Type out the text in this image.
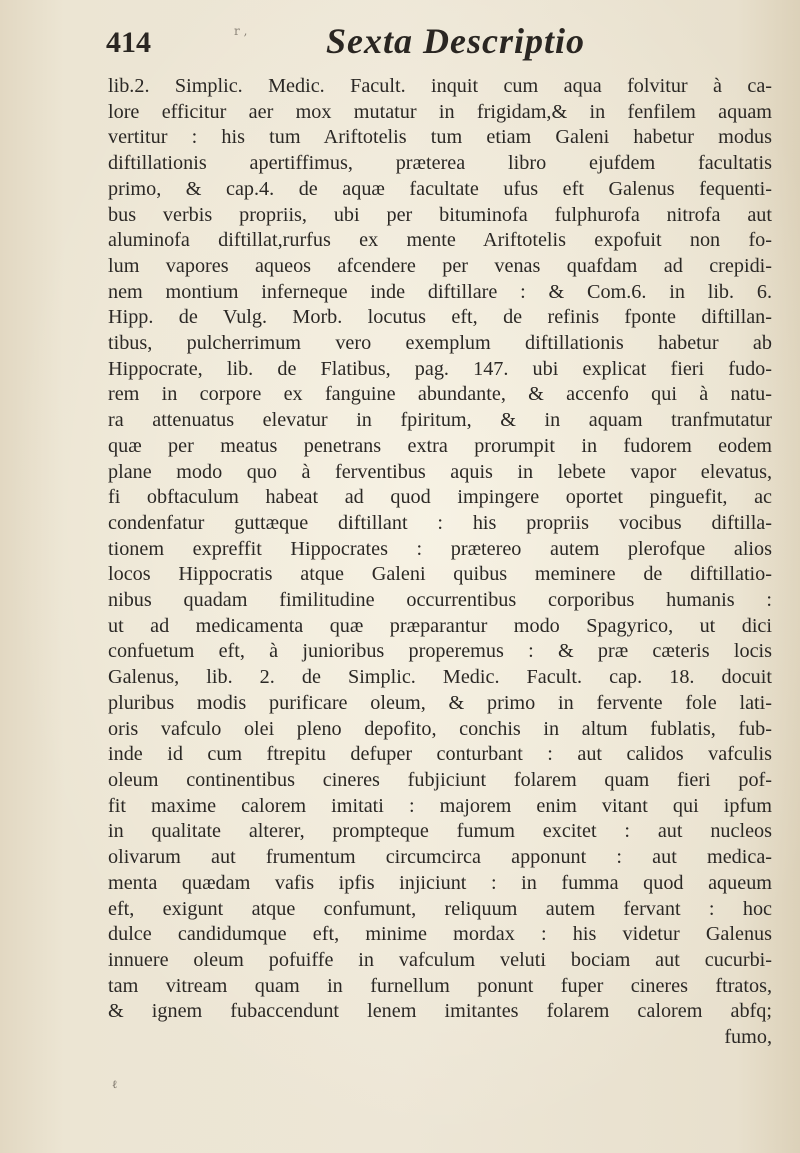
414	r ‚ Sexta Descriptio
lib.2. Simplic. Medic. Facult. inquit cum aqua folvitur à ca-
lore efficitur aer mox mutatur in frigidam,& in fenfilem aquam
vertitur : his tum Ariftotelis tum etiam Galeni habetur modus
diftillationis apertiffimus, præterea libro ejufdem facultatis
primo, & cap.4. de aquæ facultate ufus eft Galenus fequenti-
bus verbis propriis, ubi per bituminofa fulphurofa nitrofa aut
aluminofa diftillat,rurfus ex mente Ariftotelis expofuit non fo-
lum vapores aqueos afcendere per venas quafdam ad crepidi-
nem montium inferneque inde diftillare : & Com.6. in lib. 6.
Hipp. de Vulg. Morb. locutus eft, de refinis fponte diftillan-
tibus, pulcherrimum vero exemplum diftillationis habetur ab
Hippocrate, lib. de Flatibus, pag. 147. ubi explicat fieri fudo-
rem in corpore ex fanguine abundante, & accenfo qui à natu-
ra attenuatus elevatur in fpiritum, & in aquam tranfmutatur
quæ per meatus penetrans extra prorumpit in fudorem eodem
plane modo quo à ferventibus aquis in lebete vapor elevatus,
fi obftaculum habeat ad quod impingere oportet pinguefit, ac
condenfatur guttæque diftillant : his propriis vocibus diftilla-
tionem expreffit Hippocrates : prætereo autem plerofque alios
locos Hippocratis atque Galeni quibus meminere de diftillatio-
nibus quadam fimilitudine occurrentibus corporibus humanis :
ut ad medicamenta quæ præparantur modo Spagyrico, ut dici
confuetum eft, à junioribus properemus : & præ cæteris locis
Galenus, lib. 2. de Simplic. Medic. Facult. cap. 18. docuit
pluribus modis purificare oleum, & primo in fervente fole lati-
oris vafculo olei pleno depofito, conchis in altum fublatis, fub-
inde id cum ftrepitu defuper conturbant : aut calidos vafculis
oleum continentibus cineres fubjiciunt folarem quam fieri pof-
fit maxime calorem imitati : majorem enim vitant qui ipfum
in qualitate alterer, prompteque fumum excitet : aut nucleos
olivarum aut frumentum circumcirca apponunt : aut medica-
menta quædam vafis ipfis injiciunt : in fumma quod aqueum
eft, exigunt atque confumunt, reliquum autem fervant : hoc
dulce candidumque eft, minime mordax : his videtur Galenus
innuere oleum pofuiffe in vafculum veluti bociam aut cucurbi-
tam vitream quam in furnellum ponunt fuper cineres ftratos,
& ignem fubaccendunt lenem imitantes folarem calorem abfq;
fumo,
ℓ
